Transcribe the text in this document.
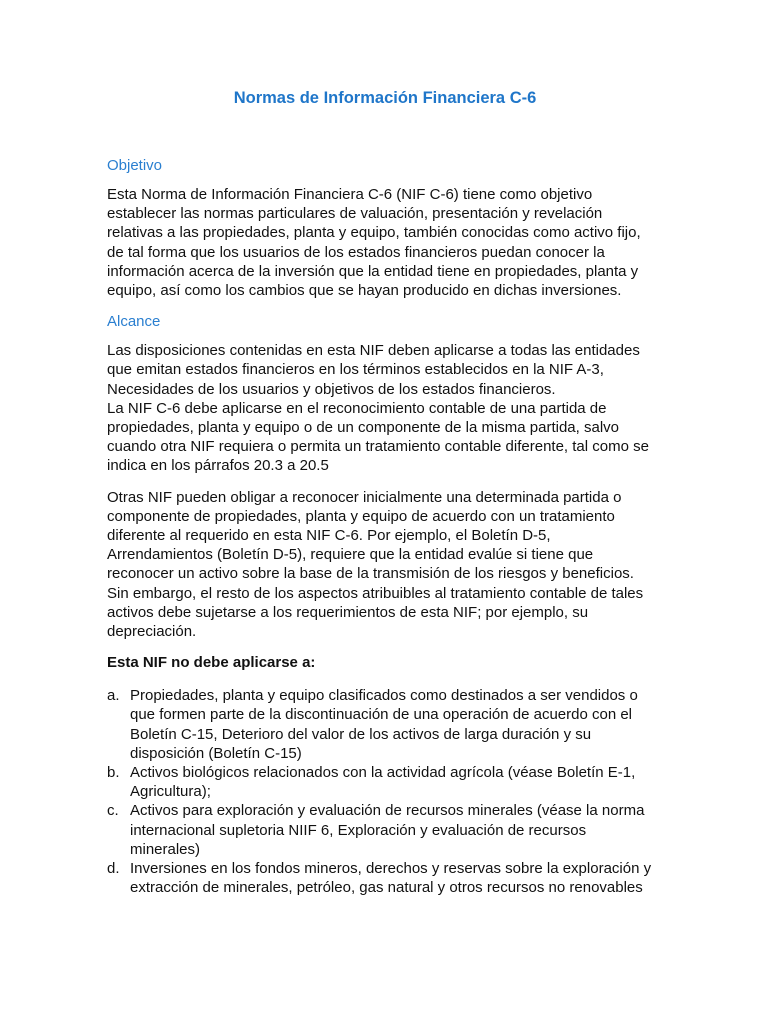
Normas de Información Financiera C-6
Objetivo
Esta Norma de Información Financiera C-6 (NIF C-6) tiene como objetivo
establecer las normas particulares de valuación, presentación y revelación
relativas a las propiedades, planta y equipo, también conocidas como activo fijo,
de tal forma que los usuarios de los estados financieros puedan conocer la
información acerca de la inversión que la entidad tiene en propiedades, planta y
equipo, así como los cambios que se hayan producido en dichas inversiones.
Alcance
Las disposiciones contenidas en esta NIF deben aplicarse a todas las entidades
que emitan estados financieros en los términos establecidos en la NIF A-3,
Necesidades de los usuarios y objetivos de los estados financieros.
La NIF C-6 debe aplicarse en el reconocimiento contable de una partida de
propiedades, planta y equipo o de un componente de la misma partida, salvo
cuando otra NIF requiera o permita un tratamiento contable diferente, tal como se
indica en los párrafos 20.3 a 20.5
Otras NIF pueden obligar a reconocer inicialmente una determinada partida o
componente de propiedades, planta y equipo de acuerdo con un tratamiento
diferente al requerido en esta NIF C-6. Por ejemplo, el Boletín D-5,
Arrendamientos (Boletín D-5), requiere que la entidad evalúe si tiene que
reconocer un activo sobre la base de la transmisión de los riesgos y beneficios.
Sin embargo, el resto de los aspectos atribuibles al tratamiento contable de tales
activos debe sujetarse a los requerimientos de esta NIF; por ejemplo, su
depreciación.
Esta NIF no debe aplicarse a:
a. Propiedades, planta y equipo clasificados como destinados a ser vendidos o
que formen parte de la discontinuación de una operación de acuerdo con el
Boletín C-15, Deterioro del valor de los activos de larga duración y su
disposición (Boletín C-15)
b. Activos biológicos relacionados con la actividad agrícola (véase Boletín E-1,
Agricultura);
c. Activos para exploración y evaluación de recursos minerales (véase la norma
internacional supletoria NIIF 6, Exploración y evaluación de recursos
minerales)
d. Inversiones en los fondos mineros, derechos y reservas sobre la exploración y
extracción de minerales, petróleo, gas natural y otros recursos no renovables
